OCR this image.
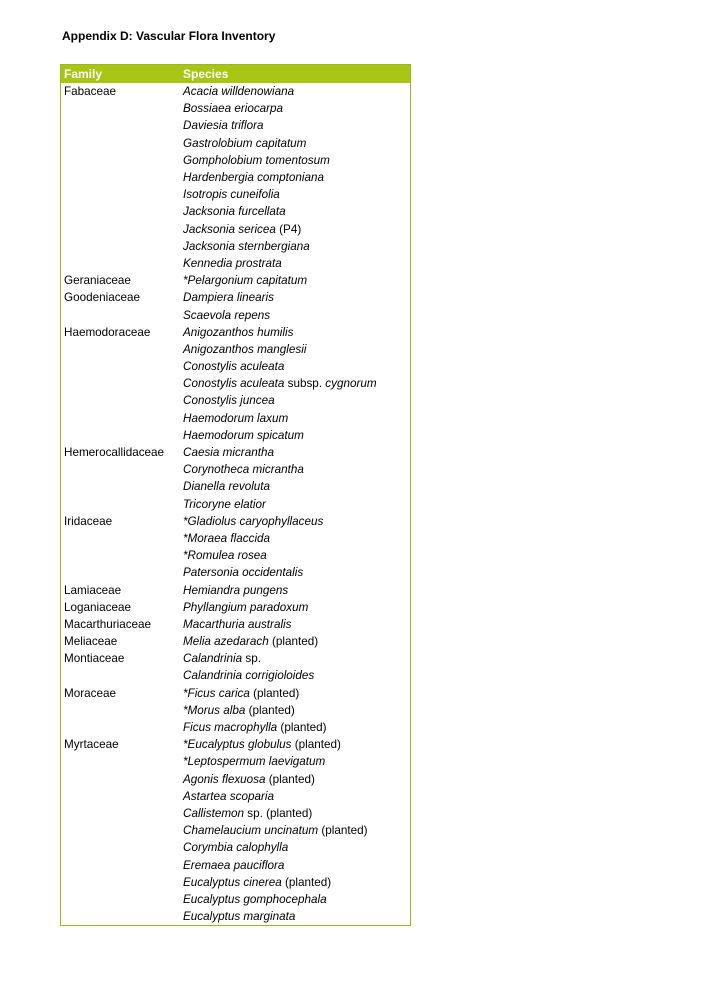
Appendix D: Vascular Flora Inventory
Family	Species
Fabaceae	Acacia willdenowiana
Bossiaea eriocarpa
Daviesia triflora
Gastrolobium capitatum
Gompholobium tomentosum
Hardenbergia comptoniana
Isotropis cuneifolia
Jacksonia furcellata
Jacksonia sericea (P4)
Jacksonia sternbergiana
Kennedia prostrata
Geraniaceae	*Pelargonium capitatum
Goodeniaceae	Dampiera linearis
Scaevola repens
Haemodoraceae	Anigozanthos humilis
Anigozanthos manglesii
Conostylis aculeata
Conostylis aculeata subsp. cygnorum
Conostylis juncea
Haemodorum laxum
Haemodorum spicatum
Hemerocallidaceae	Caesia micrantha
Corynotheca micrantha
Dianella revoluta
Tricoryne elatior
Iridaceae	*Gladiolus caryophyllaceus
*Moraea flaccida
*Romulea rosea
Patersonia occidentalis
Lamiaceae	Hemiandra pungens
Loganiaceae	Phyllangium paradoxum
Macarthuriaceae	Macarthuria australis
Meliaceae	Melia azedarach (planted)
Montiaceae	Calandrinia sp.
Calandrinia corrigioloides
Moraceae	*Ficus carica (planted)
*Morus alba (planted)
Ficus macrophylla (planted)
Myrtaceae	*Eucalyptus globulus (planted)
*Leptospermum laevigatum
Agonis flexuosa (planted)
Astartea scoparia
Callistemon sp. (planted)
Chamelaucium uncinatum (planted)
Corymbia calophylla
Eremaea pauciflora
Eucalyptus cinerea (planted)
Eucalyptus gomphocephala
Eucalyptus marginata
